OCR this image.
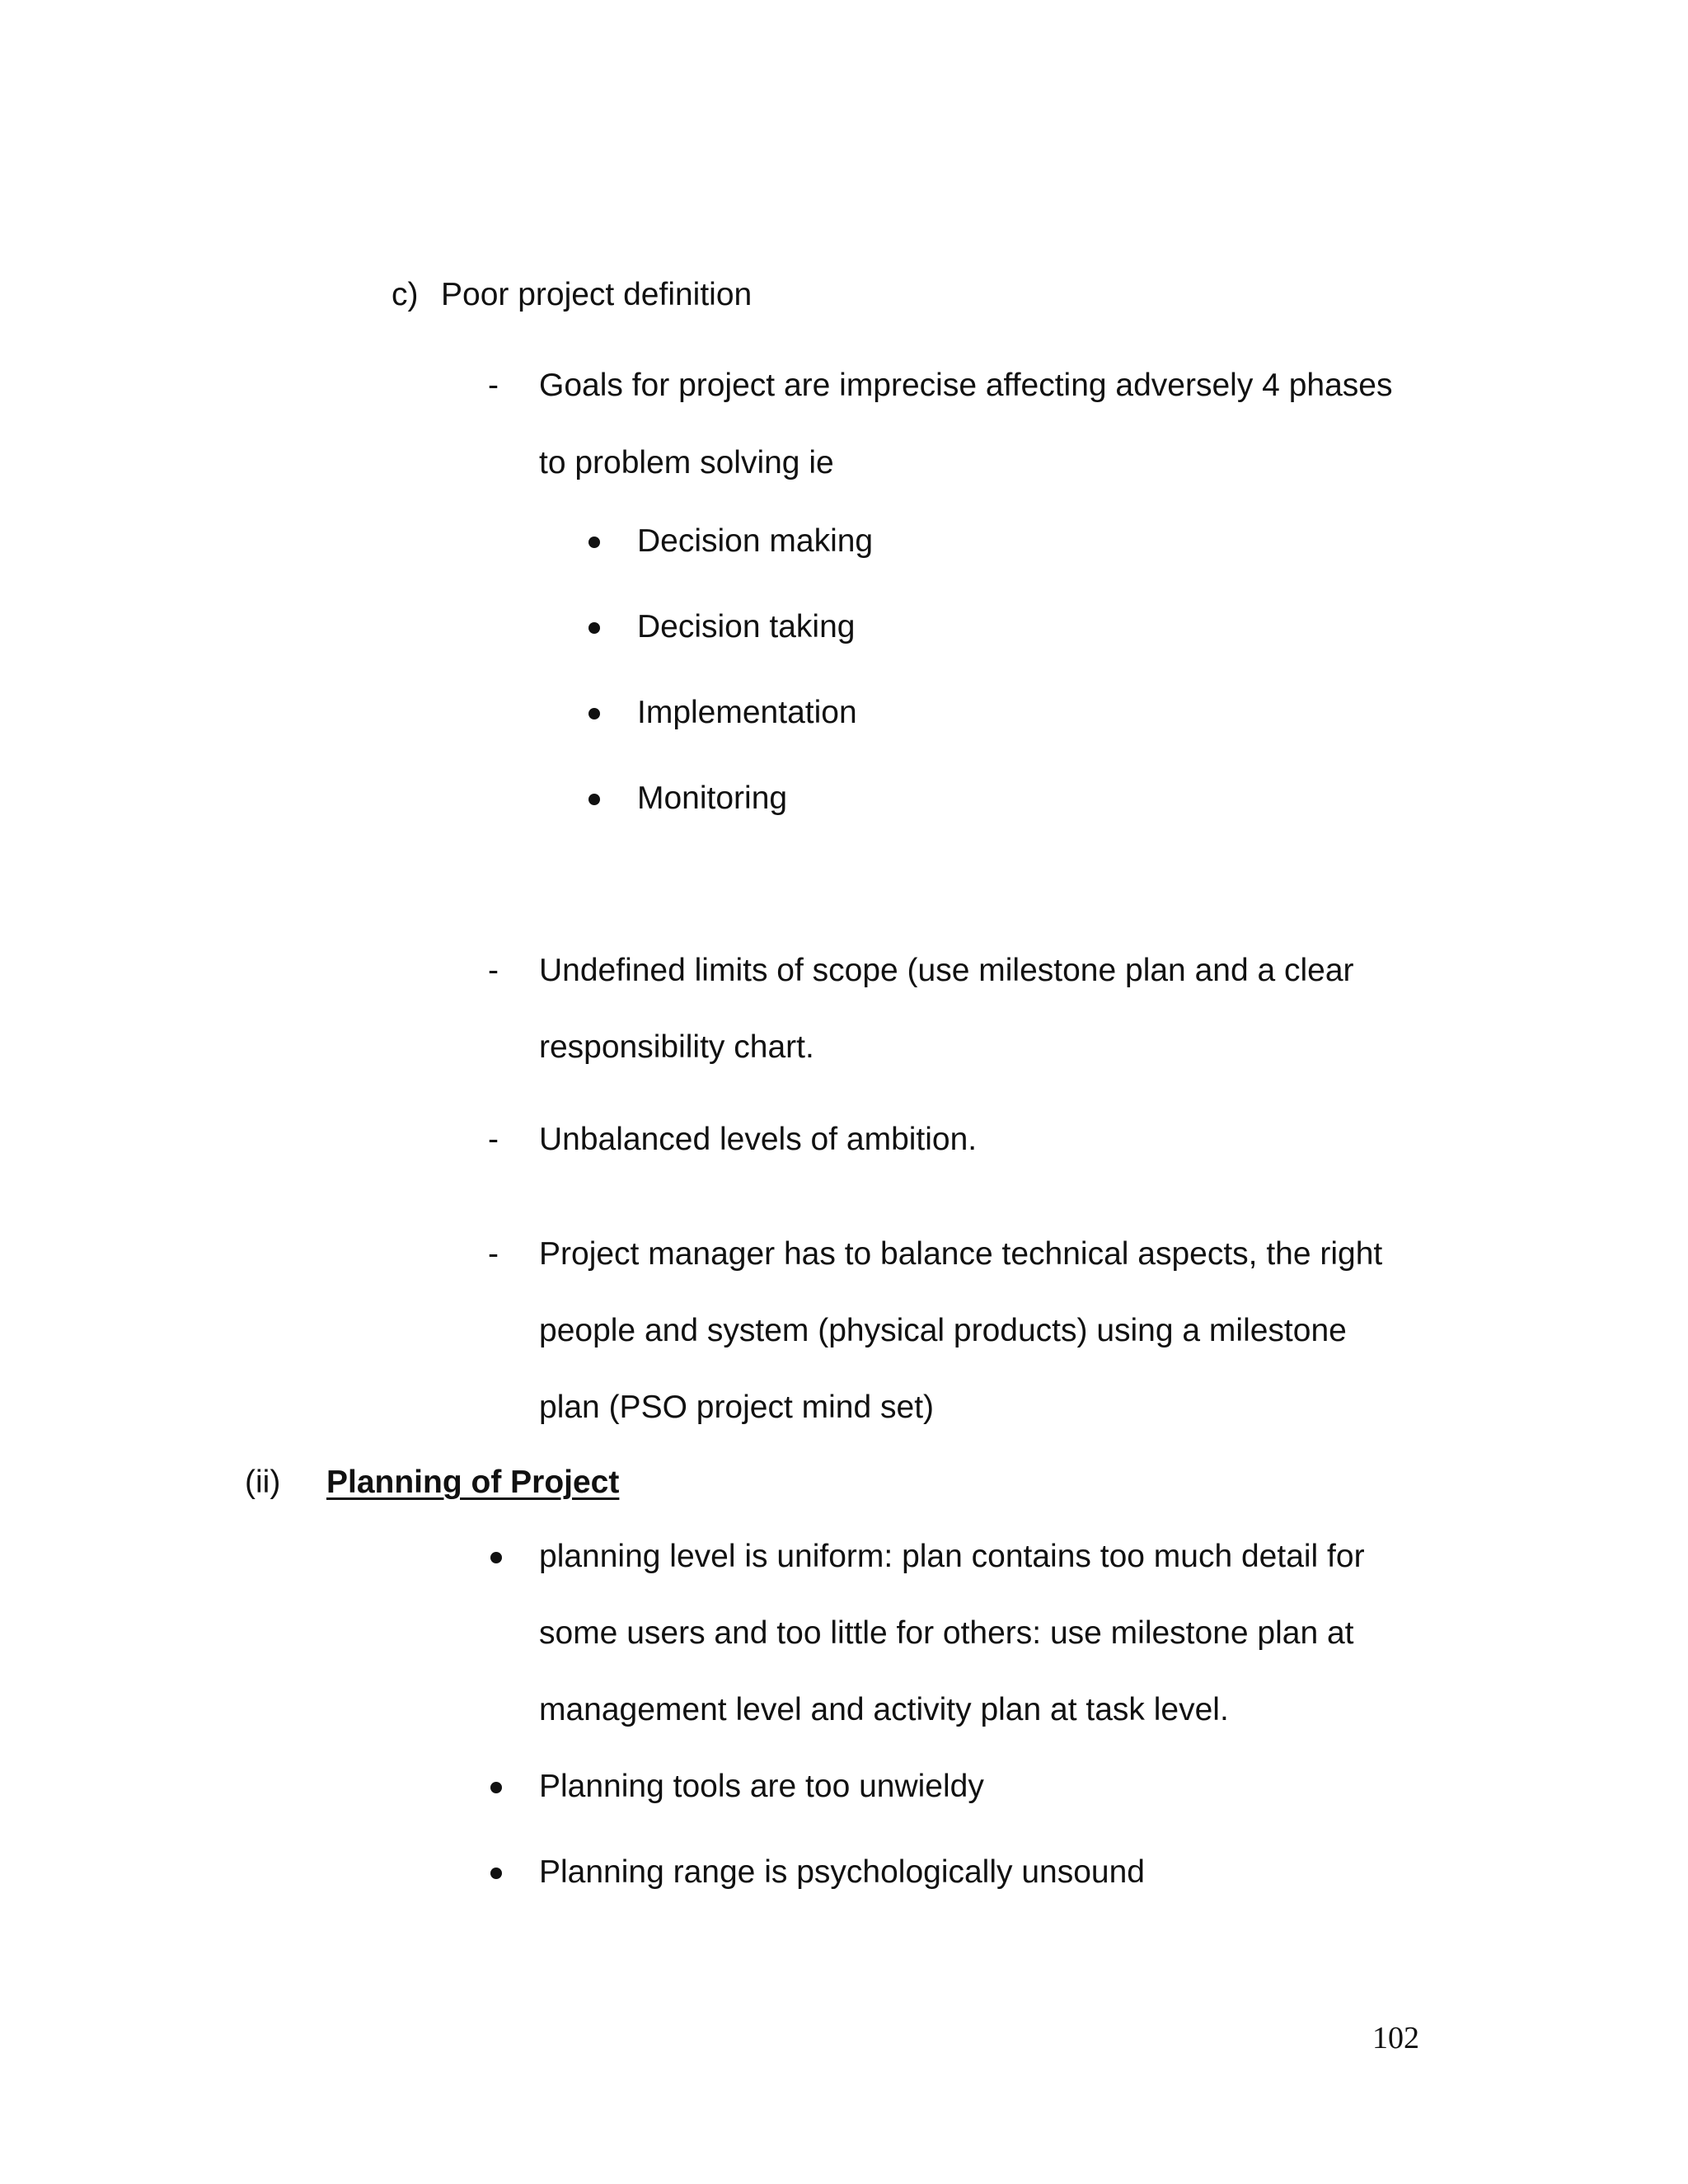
c) Poor project definition
- Goals for project are imprecise affecting adversely 4 phases
to problem solving ie
Decision making
Decision taking
Implementation
Monitoring
- Undefined limits of scope (use milestone plan and a clear
responsibility chart.
- Unbalanced levels of ambition.
- Project manager has to balance technical aspects, the right
people and system (physical products) using a milestone
plan (PSO project mind set)
(ii) Planning of Project
planning level is uniform: plan contains too much detail for
some users and too little for others: use milestone plan at
management level and activity plan at task level.
Planning tools are too unwieldy
Planning range is psychologically unsound
102
